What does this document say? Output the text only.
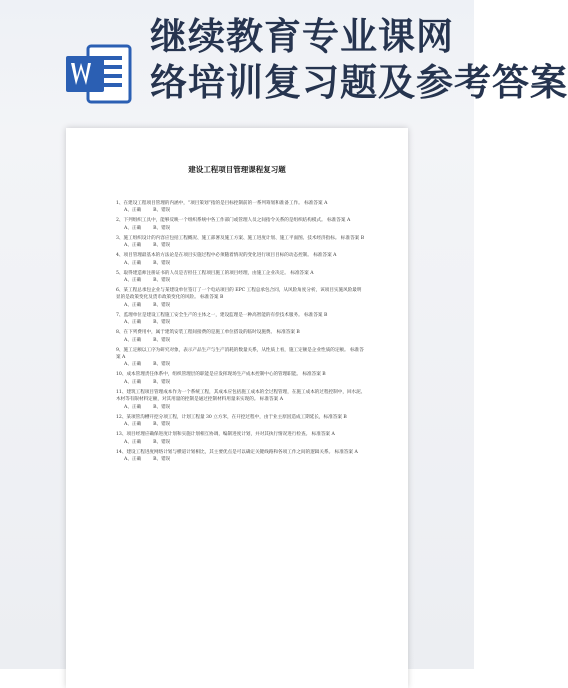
继续教育专业课网
络培训复习题及参考答案
建设工程项目管理课程复习题
1、在建设工程项目管理的内涵中，“项目策划”指的是目标控制前的一系列筹划和准备工作。 标准答案 A
A、正确	B、错误
2、下列组织工具中，能够反映一个组织系统中各工作部门或管理人员之间指令关系的是组织结构模式。 标准答案 A
A、正确	B、错误
3、施工组织设计的内容应包括工程概况、施工部署及施工方案、施工进度计划、施工平面图、技术经济指标。 标准答案 B
A、正确	B、错误
4、项目管理最基本的方法论是在项目实施过程中必须随着情况的变化进行项目目标的动态控制。 标准答案 A
A、正确	B、错误
5、取得建造师注册证书的人员是否担任工程项目施工的项目经理，由施工企业决定。 标准答案 A
A、正确	B、错误
6、某工程总承包企业与某建设单位签订了一个电站项目的 EPC 工程总承包合同，从风险角度分析，该项目实施风险最明显的是政策变化及货币政策变化的风险。 标准答案 B
A、正确	B、错误
7、监理单位是建设工程施工安全生产的主体之一，建设监理是一种高智能的有偿技术服务。 标准答案 B
A、正确	B、错误
8、在下列费用中，属于建筑安装工程间接费的是施工单位搭设的临时设施费。 标准答案 B
A、正确	B、错误
9、施工定额以工序为研究对象，表示产品生产与生产消耗的数量关系，从性质上看，施工定额是企业性质的定额。 标准答案 A
A、正确	B、错误
10、成本管理责任体系中，组织管理层的职能是应发挥现场生产成本控制中心的管理职能。 标准答案 B
A、正确	B、错误
11、建筑工程项目管理成本作为一个系统工程，其成本应包括施工成本的全过程管理，在施工成本的过程控制中，回水泥、木材等有限材料定额，对其用量的控制是通过控制材料用量来实现的。 标准答案 A
A、正确	B、错误
12、某项管沟槽开挖分项工程，计划工程量 30 立方米，在开挖过程中，由于业主原因造成工期延长，标准答案 B
A、正确	B、错误
13、项目经理应确保进度计划和实施计划相互协调，编制进度计划，并对其执行情况进行检查。 标准答案 A
A、正确	B、错误
14、建设工程进度网络计划与横道计划相比，其主要优点是可以确定关键线路和各项工作之间的逻辑关系。 标准答案 A
A、正确	B、错误
